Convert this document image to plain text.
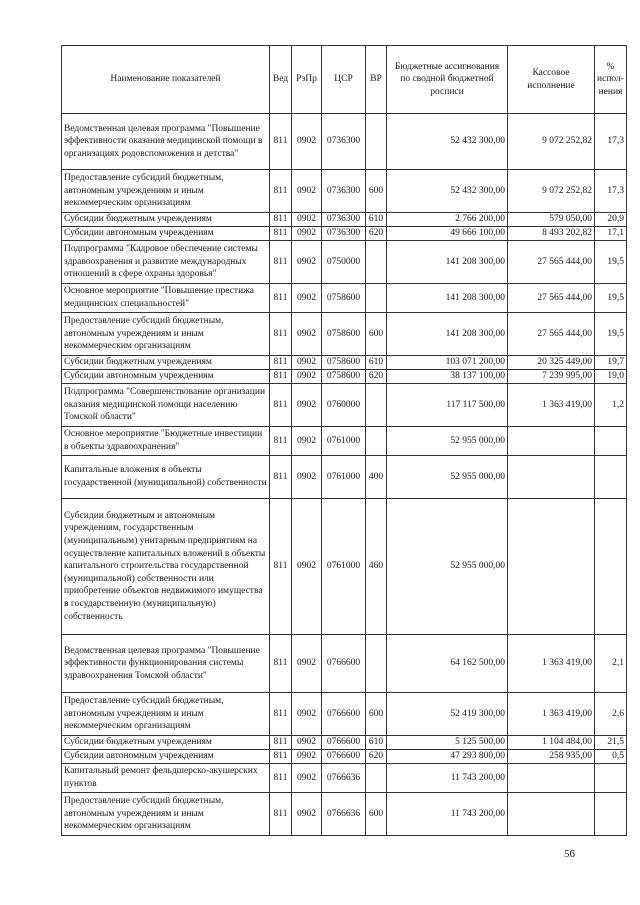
Наименование показателей	Вед	РзПр	ЦСР	ВР	Бюджетные ассигнования по сводной бюджетной росписи	Кассовое исполнение	% испол-нения
Ведомственная целевая программа "Повышение эффективности оказания медицинской помощи в организациях родовспоможения и детства"	811	0902	0736300		52 432 300,00	9 072 252,82	17,3
Предоставление субсидий бюджетным, автономным учреждениям и иным некоммерческим организациям	811	0902	0736300	600	52 432 300,00	9 072 252,82	17,3
Субсидии бюджетным учреждениям	811	0902	0736300	610	2 766 200,00	579 050,00	20,9
Субсидии автономным учреждениям	811	0902	0736300	620	49 666 100,00	8 493 202,82	17,1
Подпрограмма "Кадровое обеспечение системы здравоохранения и развитие международных отношений в сфере охраны здоровья"	811	0902	0750000		141 208 300,00	27 565 444,00	19,5
Основное мероприятие "Повышение престижа медицинских специальностей"	811	0902	0758600		141 208 300,00	27 565 444,00	19,5
Предоставление субсидий бюджетным, автономным учреждениям и иным некоммерческим организациям	811	0902	0758600	600	141 208 300,00	27 565 444,00	19,5
Субсидии бюджетным учреждениям	811	0902	0758600	610	103 071 200,00	20 325 449,00	19,7
Субсидии автономным учреждениям	811	0902	0758600	620	38 137 100,00	7 239 995,00	19,0
Подпрограмма "Совершенствование организации оказания медицинской помощи населению Томской области"	811	0902	0760000		117 117 500,00	1 363 419,00	1,2
Основное мероприятие "Бюджетные инвестиции в объекты здравоохранения"	811	0902	0761000		52 955 000,00		
Капитальные вложения в объекты государственной (муниципальной) собственности	811	0902	0761000	400	52 955 000,00		
Субсидии бюджетным и автономным учреждениям, государственным (муниципальным) унитарным предприятиям на осуществление капитальных вложений в объекты капитального строительства государственной (муниципальной) собственности или приобретение объектов недвижимого имущества в государственную (муниципальную) собственность	811	0902	0761000	460	52 955 000,00		
Ведомственная целевая программа "Повышение эффективности функционирования системы здравоохранения Томской области"	811	0902	0766600		64 162 500,00	1 363 419,00	2,1
Предоставление субсидий бюджетным, автономным учреждениям и иным некоммерческим организациям	811	0902	0766600	600	52 419 300,00	1 363 419,00	2,6
Субсидии бюджетным учреждениям	811	0902	0766600	610	5 125 500,00	1 104 484,00	21,5
Субсидии автономным учреждениям	811	0902	0766600	620	47 293 800,00	258 935,00	0,5
Капитальный ремонт фельдшерско-акушерских пунктов	811	0902	0766636		11 743 200,00		
Предоставление субсидий бюджетным, автономным учреждениям и иным некоммерческим организациям	811	0902	0766636	600	11 743 200,00		
56
